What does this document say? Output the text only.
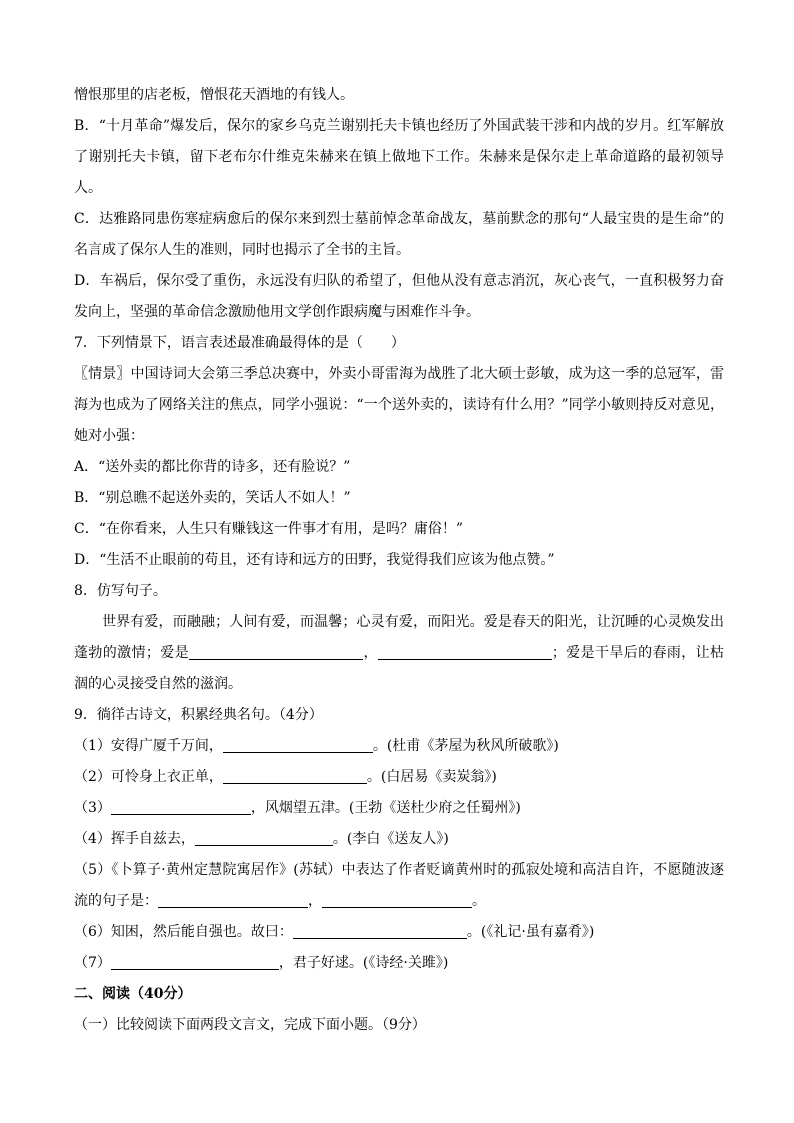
憎恨那里的店老板，憎恨花天酒地的有钱人。

B．“十月革命”爆发后，保尔的家乡乌克兰谢别托夫卡镇也经历了外国武装干涉和内战的岁月。红军解放了谢别托夫卡镇，留下老布尔什维克朱赫来在镇上做地下工作。朱赫来是保尔走上革命道路的最初领导人。

C．达雅路同患伤寒症病愈后的保尔来到烈士墓前悼念革命战友，墓前默念的那句“人最宝贵的是生命”的名言成了保尔人生的准则，同时也揭示了全书的主旨。

D．车祸后，保尔受了重伤，永远没有归队的希望了，但他从没有意志消沉，灰心丧气，一直积极努力奋发向上，坚强的革命信念激励他用文学创作跟病魔与困难作斗争。

7．下列情景下，语言表述最准确最得体的是（　　）

〖情景〗中国诗词大会第三季总决赛中，外卖小哥雷海为战胜了北大硕士彭敏，成为这一季的总冠军，雷海为也成为了网络关注的焦点，同学小强说：“一个送外卖的，读诗有什么用？”同学小敏则持反对意见，她对小强：

A．“送外卖的都比你背的诗多，还有脸说？”

B．“别总瞧不起送外卖的，笑话人不如人！”

C．“在你看来，人生只有赚钱这一件事才有用，是吗？庸俗！”

D．“生活不止眼前的苟且，还有诗和远方的田野，我觉得我们应该为他点赞。”

8．仿写句子。

世界有爱，而融融；人间有爱，而温馨；心灵有爱，而阳光。爱是春天的阳光，让沉睡的心灵焕发出蓬勃的激情；爱是	，	；爱是干旱后的春雨，让枯涸的心灵接受自然的滋润。

9．徜徉古诗文，积累经典名句。（4分）

（1）安得广厦千万间，	。(杜甫《茅屋为秋风所破歌》)

（2）可怜身上衣正单，	。(白居易《卖炭翁》)

（3）	，风烟望五津。(王勃《送杜少府之任蜀州》)

（4）挥手自兹去，	。(李白《送友人》)

（5）《卜算子·黄州定慧院寓居作》(苏轼）中表达了作者贬谪黄州时的孤寂处境和高洁自许，不愿随波逐流的句子是：	，	。

（6）知困，然后能自强也。故曰：	。(《礼记·虽有嘉肴》)

（7）	，君子好逑。(《诗经·关雎》)

二、阅读（40分）

（一）比较阅读下面两段文言文，完成下面小题。（9分）
